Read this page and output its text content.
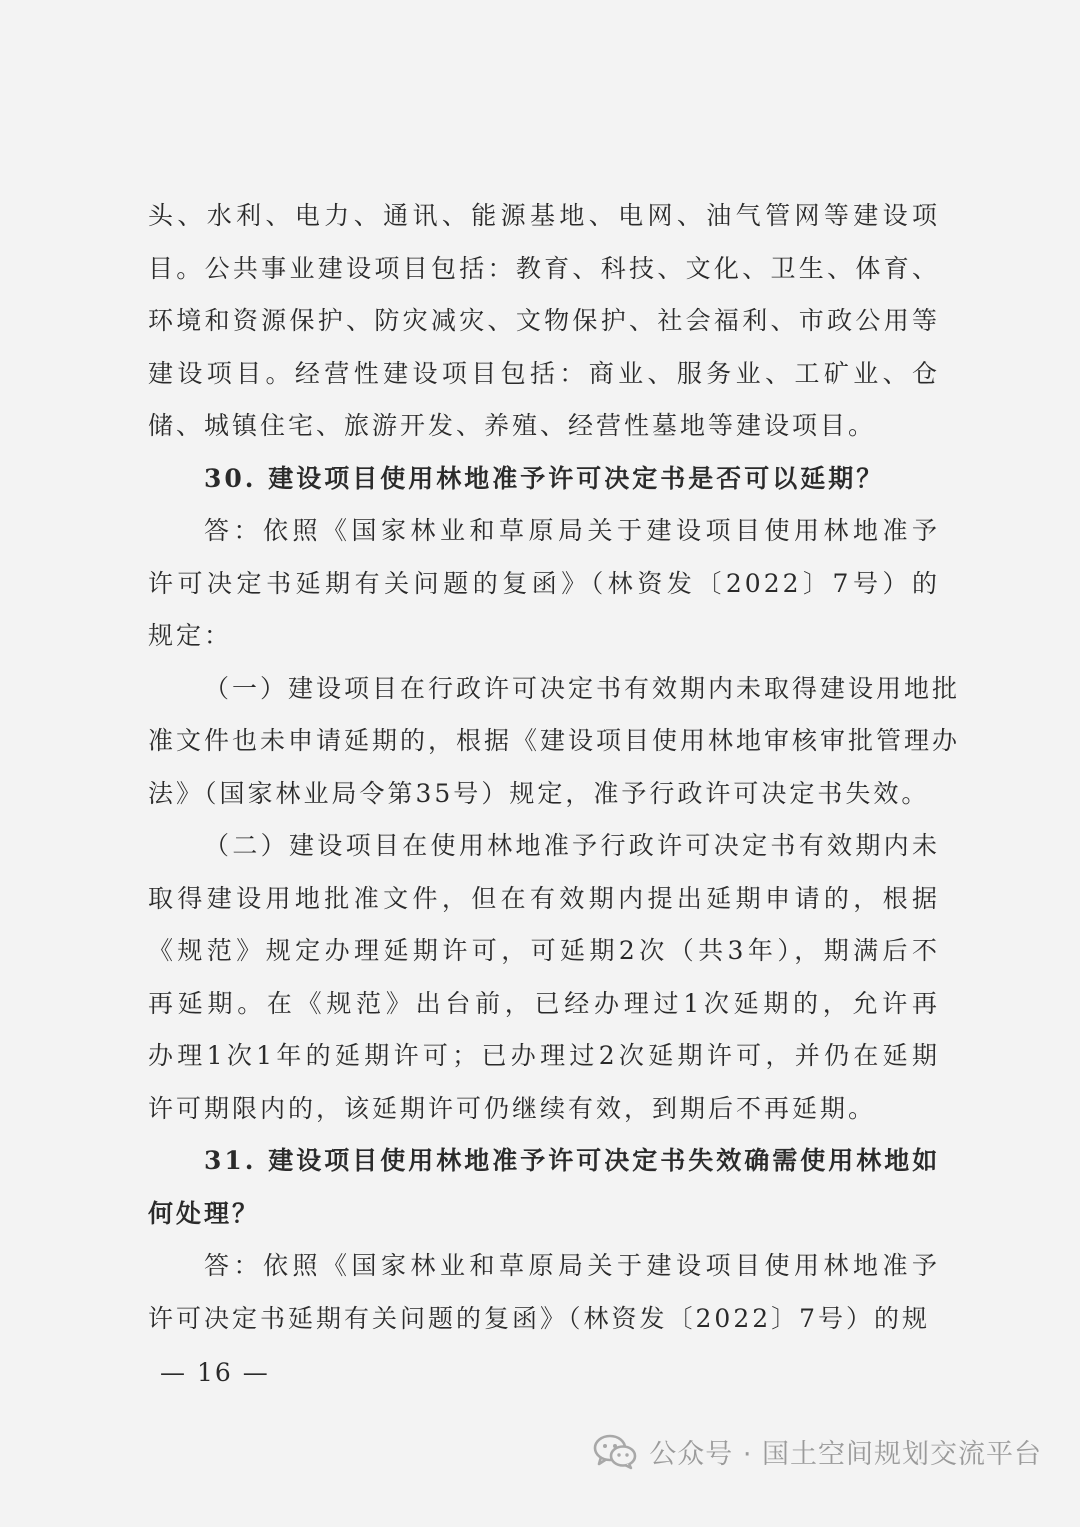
头、水利、电力、通讯、能源基地、电网、油气管网等建设项
目。公共事业建设项目包括：教育、科技、文化、卫生、体育、
环境和资源保护、防灾减灾、文物保护、社会福利、市政公用等
建设项目。经营性建设项目包括：商业、服务业、工矿业、仓
储、城镇住宅、旅游开发、养殖、经营性墓地等建设项目。
30. 建设项目使用林地准予许可决定书是否可以延期？
答：依照《国家林业和草原局关于建设项目使用林地准予
许可决定书延期有关问题的复函》（林资发〔2022〕7号）的
规定：
（一）建设项目在行政许可决定书有效期内未取得建设用地批
准文件也未申请延期的，根据《建设项目使用林地审核审批管理办
法》（国家林业局令第35号）规定，准予行政许可决定书失效。
（二）建设项目在使用林地准予行政许可决定书有效期内未
取得建设用地批准文件，但在有效期内提出延期申请的，根据
《规范》规定办理延期许可，可延期2次（共3年），期满后不
再延期。在《规范》出台前，已经办理过1次延期的，允许再
办理1次1年的延期许可；已办理过2次延期许可，并仍在延期
许可期限内的，该延期许可仍继续有效，到期后不再延期。
31. 建设项目使用林地准予许可决定书失效确需使用林地如
何处理？
答：依照《国家林业和草原局关于建设项目使用林地准予
许可决定书延期有关问题的复函》（林资发〔2022〕7号）的规
— 16 —
公众号 · 国土空间规划交流平台
